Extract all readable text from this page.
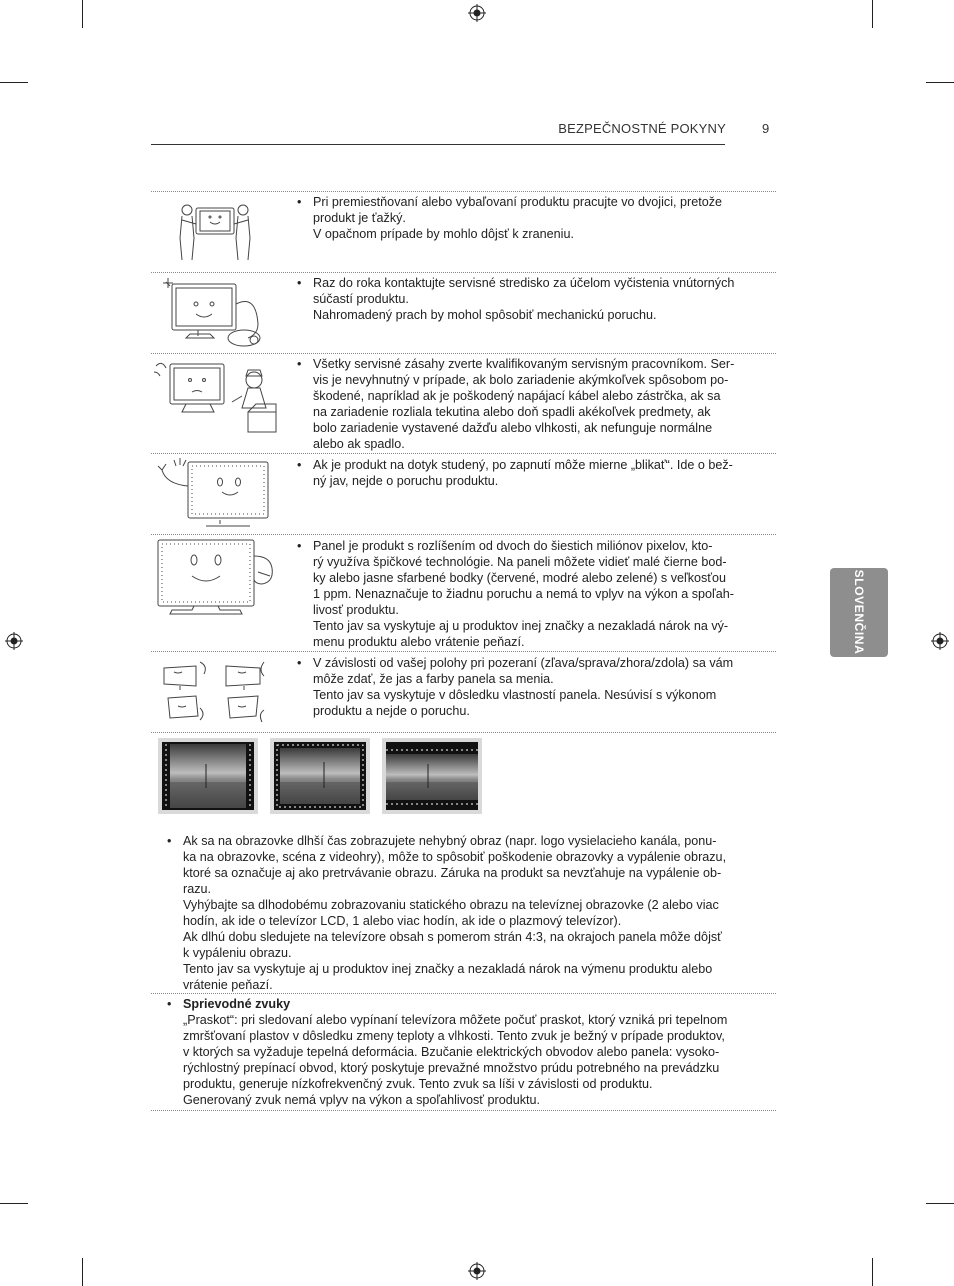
BEZPEČNOSTNÉ POKYNY	9
SLOVENČINA
• Pri premiestňovaní alebo vybaľovaní produktu pracujte vo dvojici, pretože

produkt je ťažký.

V opačnom prípade by mohlo dôjsť k zraneniu.

• Raz do roka kontaktujte servisné stredisko za účelom vyčistenia vnútorných

súčastí produktu.

Nahromadený prach by mohol spôsobiť mechanickú poruchu.

• Všetky servisné zásahy zverte kvalifikovaným servisným pracovníkom. Ser-

vis je nevyhnutný v prípade, ak bolo zariadenie akýmkoľvek spôsobom po-

škodené, napríklad ak je poškodený napájací kábel alebo zástrčka, ak sa

na zariadenie rozliala tekutina alebo doň spadli akékoľvek predmety, ak

bolo zariadenie vystavené dažďu alebo vlhkosti, ak nefunguje normálne

alebo ak spadlo.

• Ak je produkt na dotyk studený, po zapnutí môže mierne „blikať“. Ide o bež-

ný jav, nejde o poruchu produktu.

• Panel je produkt s rozlíšením od dvoch do šiestich miliónov pixelov, kto-

rý využíva špičkové technológie. Na paneli môžete vidieť malé čierne bod-

ky alebo jasne sfarbené bodky (červené, modré alebo zelené) s veľkosťou

1 ppm. Nenaznačuje to žiadnu poruchu a nemá to vplyv na výkon a spoľah-

livosť produktu.

Tento jav sa vyskytuje aj u produktov inej značky a nezakladá nárok na vý-

menu produktu alebo vrátenie peňazí.

• V závislosti od vašej polohy pri pozeraní (zľava/sprava/zhora/zdola) sa vám

môže zdať, že jas a farby panela sa menia.

Tento jav sa vyskytuje v dôsledku vlastností panela. Nesúvisí s výkonom

produktu a nejde o poruchu.

• Ak sa na obrazovke dlhší čas zobrazujete nehybný obraz (napr. logo vysielacieho kanála, ponu-

ka na obrazovke, scéna z videohry), môže to spôsobiť poškodenie obrazovky a vypálenie obrazu,

ktoré sa označuje aj ako pretrvávanie obrazu. Záruka na produkt sa nevzťahuje na vypálenie ob-

razu.

Vyhýbajte sa dlhodobému zobrazovaniu statického obrazu na televíznej obrazovke (2 alebo viac

hodín, ak ide o televízor LCD, 1 alebo viac hodín, ak ide o plazmový televízor).

Ak dlhú dobu sledujete na televízore obsah s pomerom strán 4:3, na okrajoch panela môže dôjsť

k vypáleniu obrazu.

Tento jav sa vyskytuje aj u produktov inej značky a nezakladá nárok na výmenu produktu alebo

vrátenie peňazí.

• Sprievodné zvuky

„Praskot“: pri sledovaní alebo vypínaní televízora môžete počuť praskot, ktorý vzniká pri tepelnom

zmršťovaní plastov v dôsledku zmeny teploty a vlhkosti. Tento zvuk je bežný v prípade produktov,

v ktorých sa vyžaduje tepelná deformácia. Bzučanie elektrických obvodov alebo panela: vysoko-

rýchlostný prepínací obvod, ktorý poskytuje prevažné množstvo prúdu potrebného na prevádzku

produktu, generuje nízkofrekvenčný zvuk. Tento zvuk sa líši v závislosti od produktu.

Generovaný zvuk nemá vplyv na výkon a spoľahlivosť produktu.
